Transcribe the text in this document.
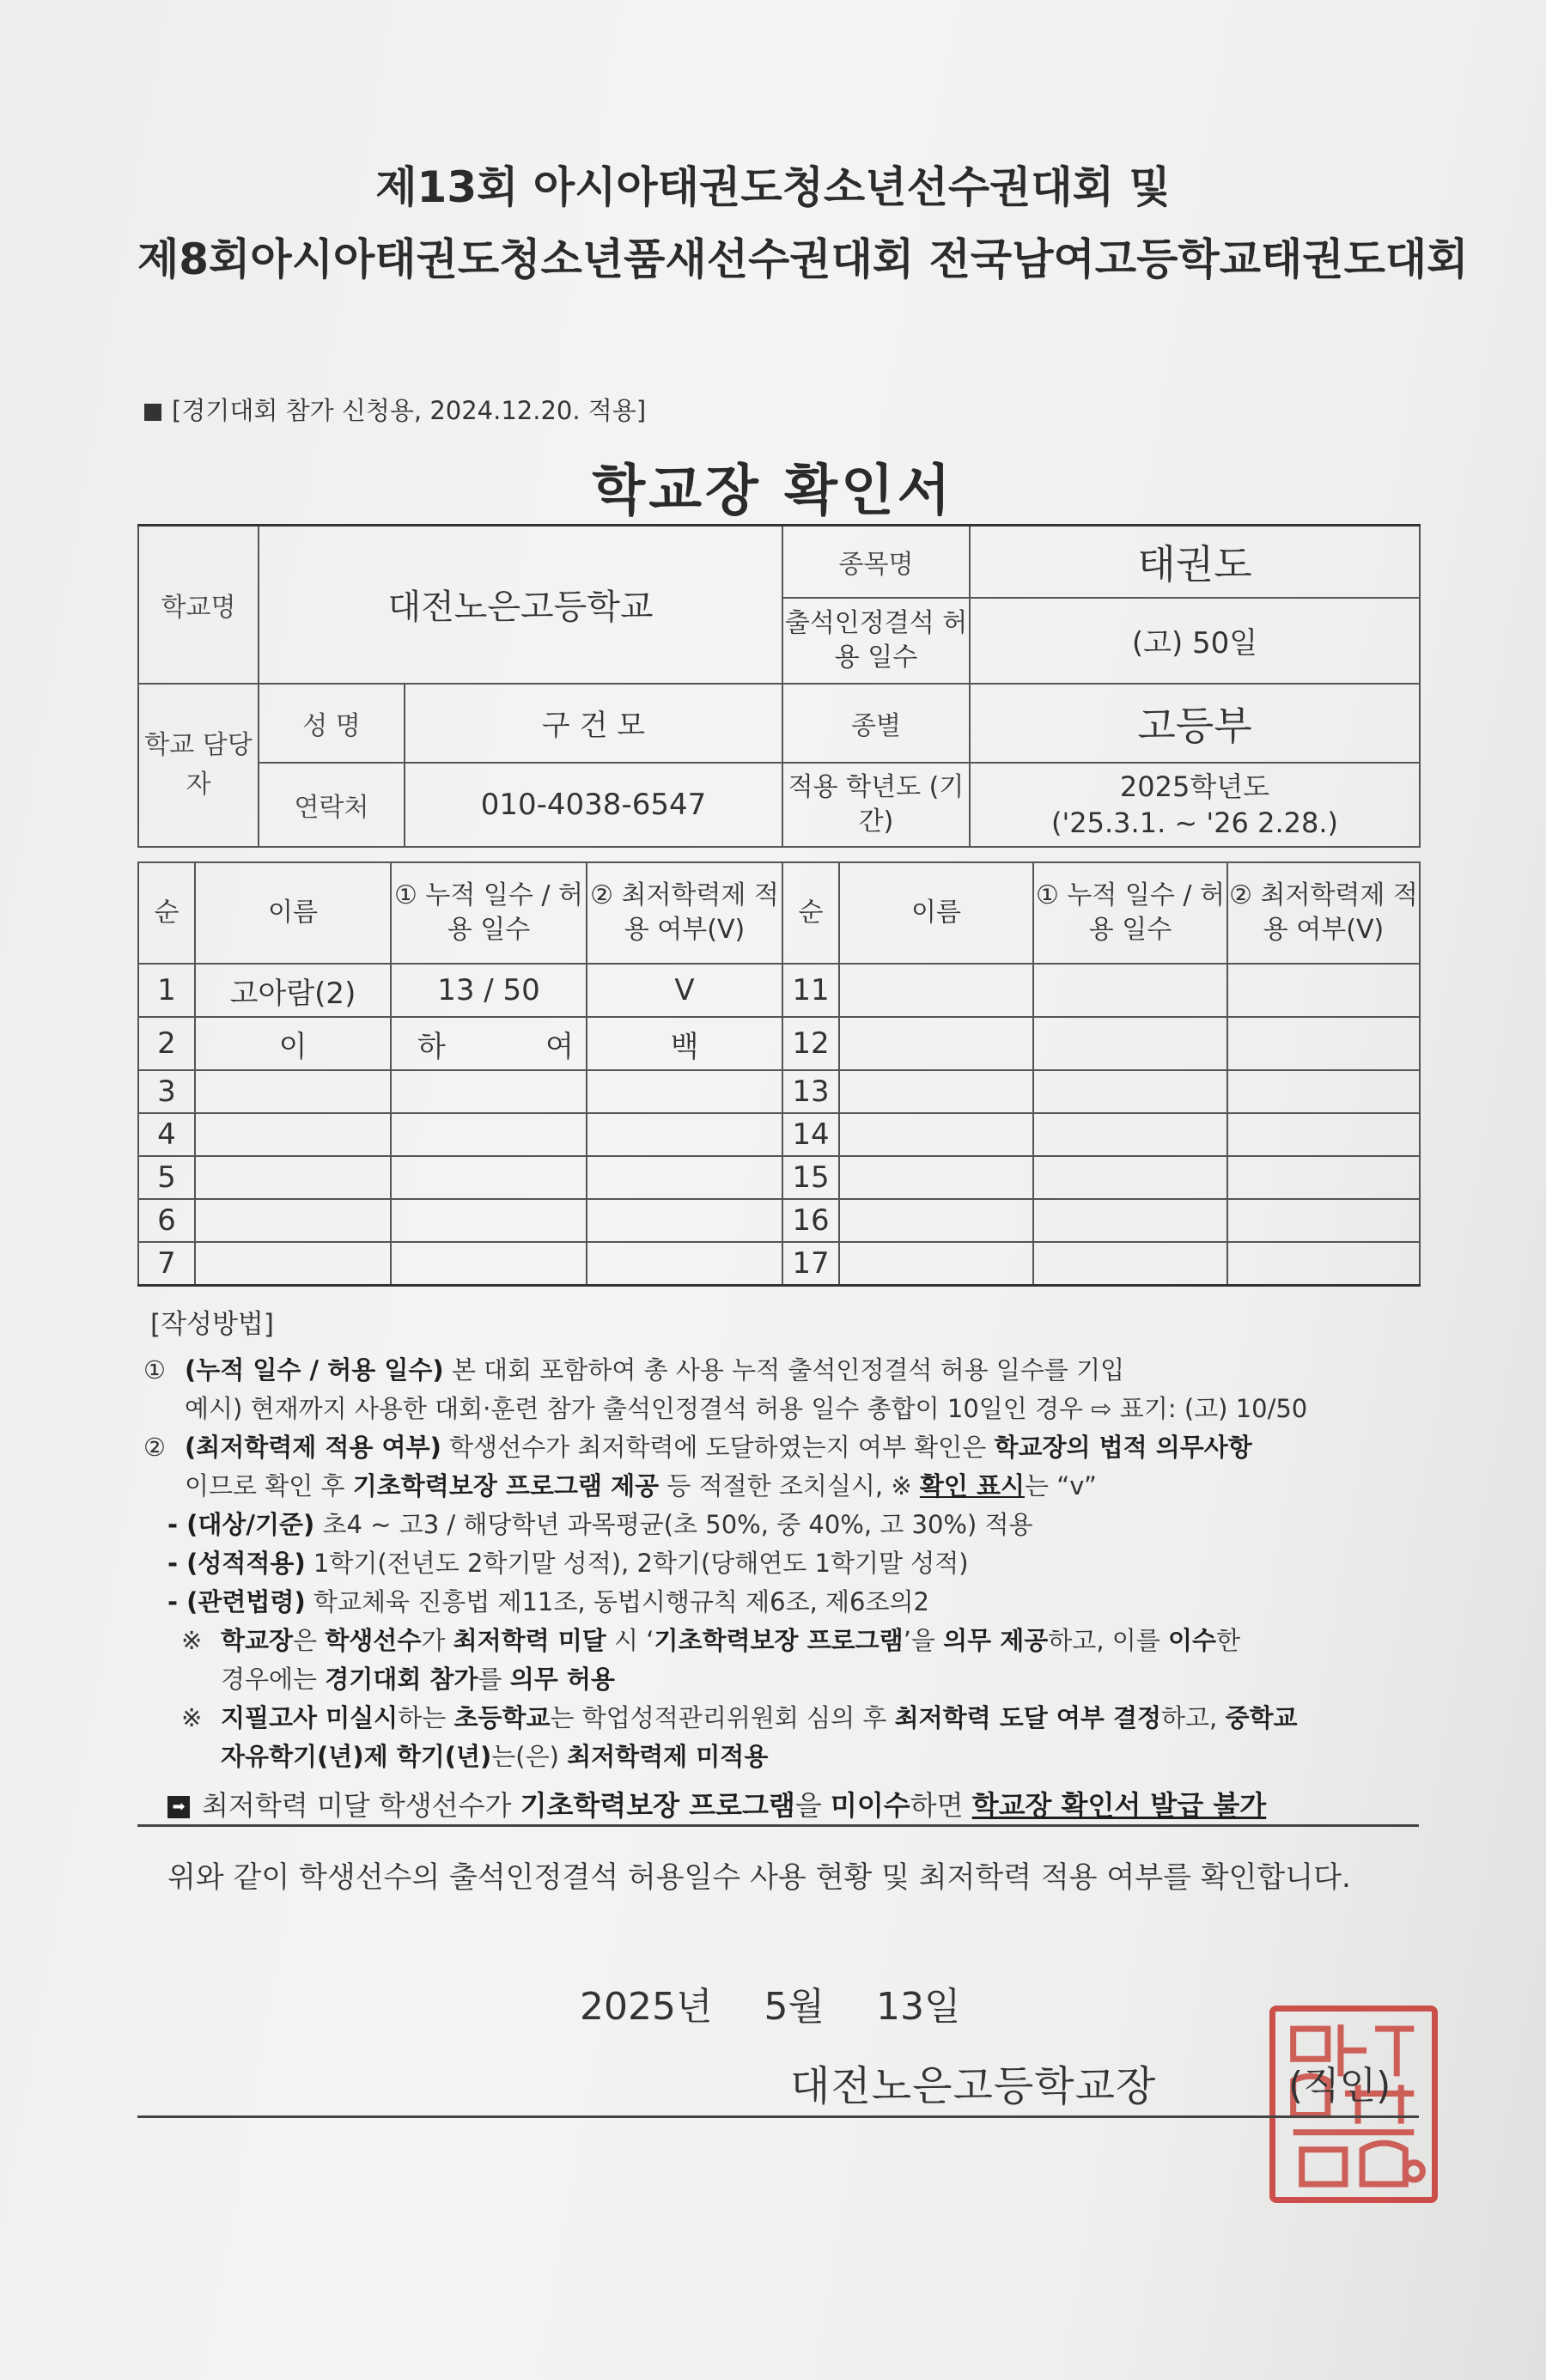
제13회 아시아태권도청소년선수권대회 및
제8회아시아태권도청소년품새선수권대회 전국남여고등학교태권도대회
[경기대회 참가 신청용, 2024.12.20. 적용]
학교장 확인서
학교명	대전노은고등학교		종목명	태권도
			출석인정결석 허용 일수	(고) 50일
학교 담당자	성 명	구 건 모	종별	고등부
	연락처	010-4038-6547	적용 학년도 (기간)	2025학년도
('25.3.1. ~ '26 2.28.)
순	이름	① 누적 일수 / 허용 일수	② 최저학력제 적용 여부(V)	순	이름	① 누적 일수 / 허용 일수	② 최저학력제 적용 여부(V)
1	고아람(2)	13 / 50	V	11			
2	이	하 여	백	12			
3				13			
4				14			
5				15			
6				16			
7				17			
[작성방법]
① (누적 일수 / 허용 일수) 본 대회 포함하여 총 사용 누적 출석인정결석 허용 일수를 기입
예시) 현재까지 사용한 대회·훈련 참가 출석인정결석 허용 일수 총합이 10일인 경우 ⇨ 표기: (고) 10/50
② (최저학력제 적용 여부) 학생선수가 최저학력에 도달하였는지 여부 확인은 학교장의 법적 의무사항
이므로 확인 후 기초학력보장 프로그램 제공 등 적절한 조치실시, ※ 확인 표시는 “v”
- (대상/기준) 초4 ~ 고3 / 해당학년 과목평균(초 50%, 중 40%, 고 30%) 적용
- (성적적용) 1학기(전년도 2학기말 성적), 2학기(당해연도 1학기말 성적)
- (관련법령) 학교체육 진흥법 제11조, 동법시행규칙 제6조, 제6조의2
※ 학교장은 학생선수가 최저학력 미달 시 ‘기초학력보장 프로그램’을 의무 제공하고, 이를 이수한
경우에는 경기대회 참가를 의무 허용
※ 지필고사 미실시하는 초등학교는 학업성적관리위원회 심의 후 최저학력 도달 여부 결정하고, 중학교
자유학기(년)제 학기(년)는(은) 최저학력제 미적용
➡ 최저학력 미달 학생선수가 기초학력보장 프로그램을 미이수하면 학교장 확인서 발급 불가
위와 같이 학생선수의 출석인정결석 허용일수 사용 현황 및 최저학력 적용 여부를 확인합니다.
2025년 5월 13일
대전노은고등학교장	(직인)
